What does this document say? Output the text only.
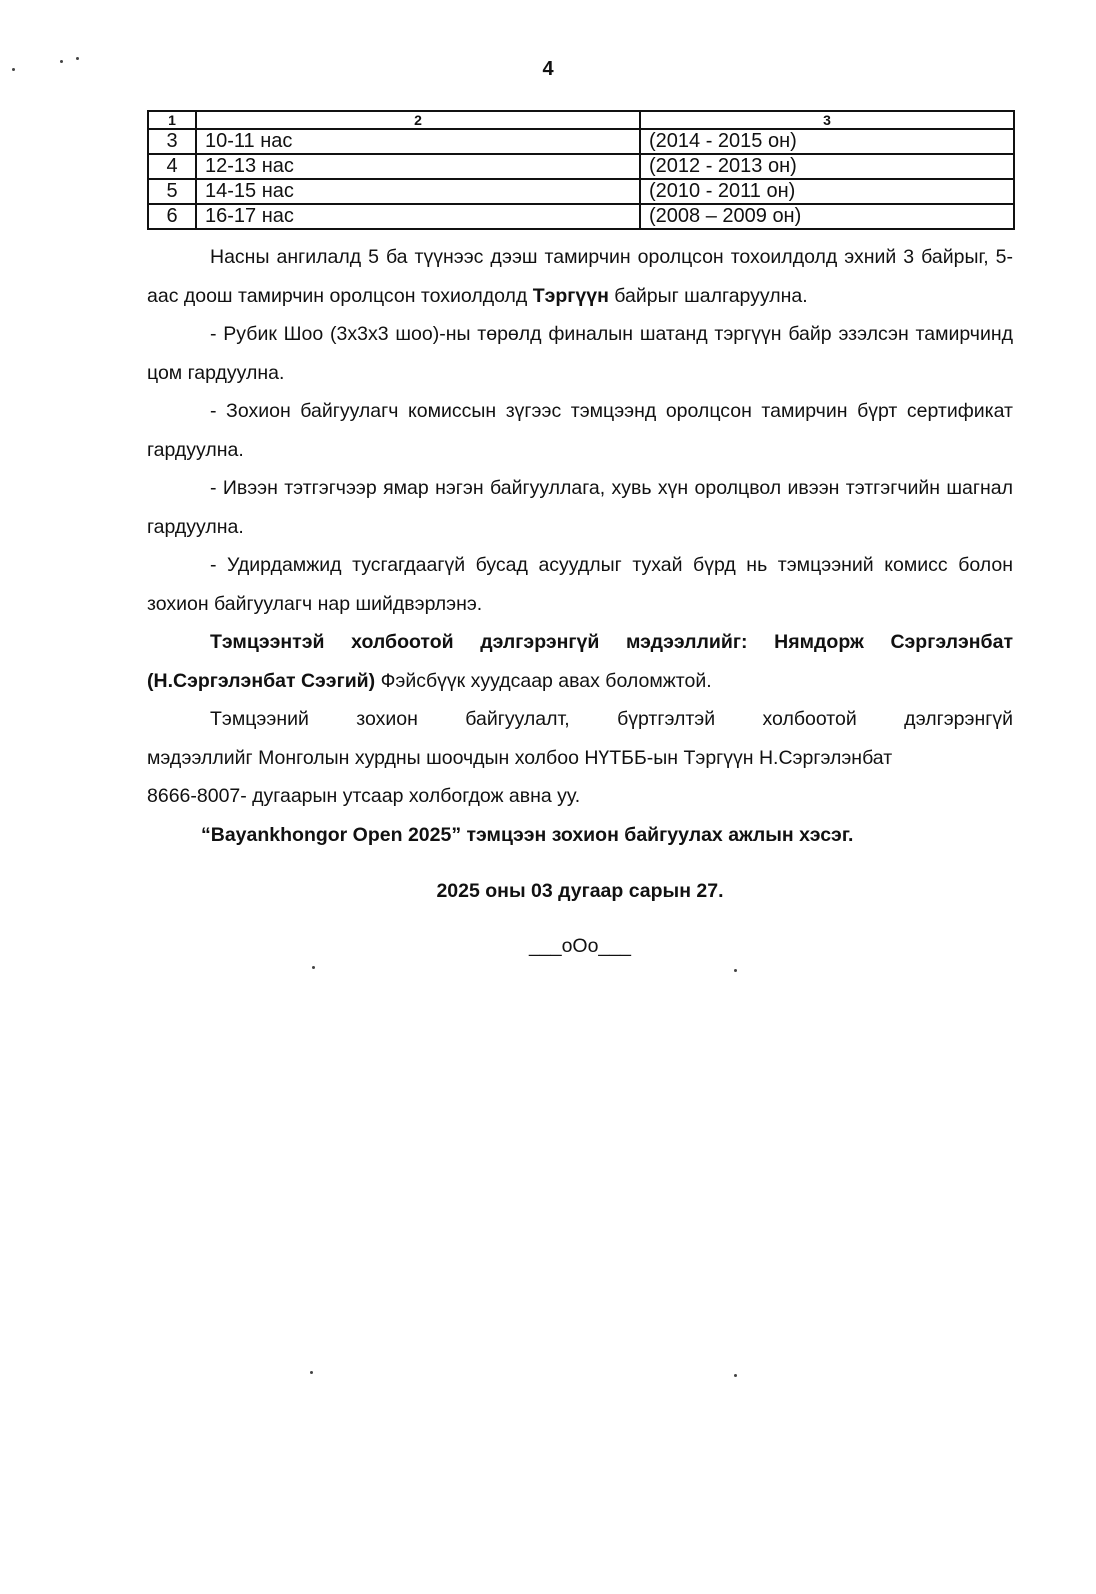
4
1	2	3
3	10-11 нас	(2014 - 2015 он)
4	12-13 нас	(2012 - 2013 он)
5	14-15 нас	(2010 - 2011 он)
6	16-17 нас	(2008 – 2009 он)

Насны ангилалд 5 ба түүнээс дээш тамирчин оролцсон тохоилдолд эхний 3 байрыг, 5-аас доош тамирчин оролцсон тохиолдолд Тэргүүн байрыг шалгаруулна.

- Рубик Шоо (3х3х3 шоо)-ны төрөлд финалын шатанд тэргүүн байр эзэлсэн тамирчинд цом гардуулна.

- Зохион байгуулагч комиссын зүгээс тэмцээнд оролцсон тамирчин бүрт сертификат гардуулна.

- Ивээн тэтгэгчээр ямар нэгэн байгууллага, хувь хүн оролцвол ивээн тэтгэгчийн шагнал гардуулна.

- Удирдамжид тусгагдаагүй бусад асуудлыг тухай бүрд нь тэмцээний комисс болон зохион байгуулагч нар шийдвэрлэнэ.

Тэмцээнтэй холбоотой дэлгэрэнгүй мэдээллийг: Нямдорж Сэргэлэнбат (Н.Сэргэлэнбат Сээгий) Фэйсбүүк хуудсаар авах боломжтой.

Тэмцээний зохион байгуулалт, бүртгэлтэй холбоотой дэлгэрэнгүй

мэдээллийг Монголын хурдны шоочдын холбоо НҮТББ-ын Тэргүүн Н.Сэргэлэнбат

8666-8007- дугаарын утсаар холбогдож авна уу.

“Bayankhongor Open 2025” тэмцээн зохион байгуулах ажлын хэсэг.

2025 оны 03 дугаар сарын 27.

___оОо___
